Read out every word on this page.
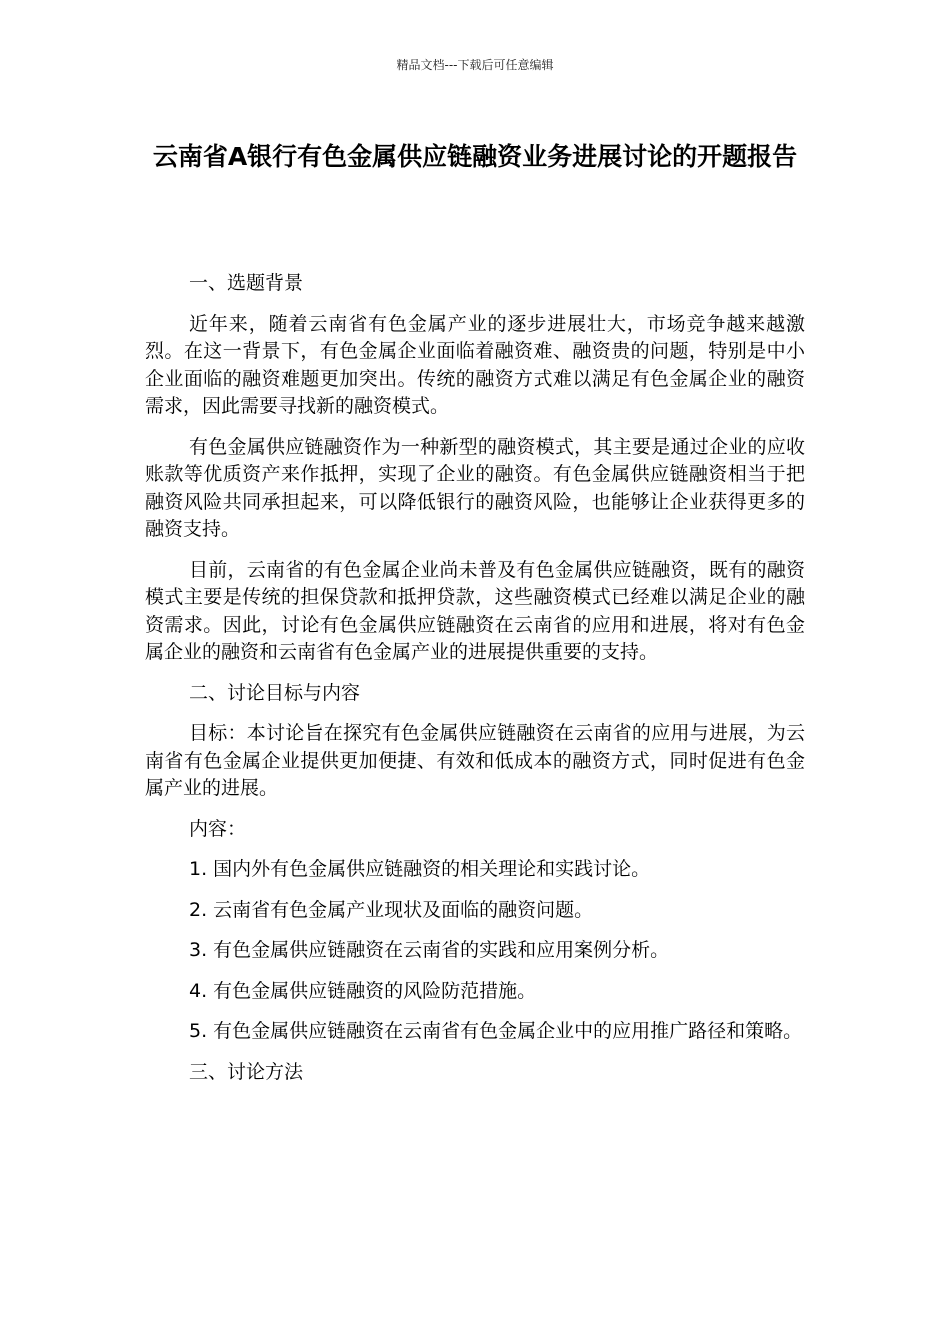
精品文档---下载后可任意编辑
云南省A银行有色金属供应链融资业务进展讨论的开题报告

一、选题背景

近年来，随着云南省有色金属产业的逐步进展壮大，市场竞争越来越激烈。在这一背景下，有色金属企业面临着融资难、融资贵的问题，特别是中小企业面临的融资难题更加突出。传统的融资方式难以满足有色金属企业的融资需求，因此需要寻找新的融资模式。

有色金属供应链融资作为一种新型的融资模式，其主要是通过企业的应收账款等优质资产来作抵押，实现了企业的融资。有色金属供应链融资相当于把融资风险共同承担起来，可以降低银行的融资风险，也能够让企业获得更多的融资支持。

目前，云南省的有色金属企业尚未普及有色金属供应链融资，既有的融资模式主要是传统的担保贷款和抵押贷款，这些融资模式已经难以满足企业的融资需求。因此，讨论有色金属供应链融资在云南省的应用和进展，将对有色金属企业的融资和云南省有色金属产业的进展提供重要的支持。

二、讨论目标与内容

目标：本讨论旨在探究有色金属供应链融资在云南省的应用与进展，为云南省有色金属企业提供更加便捷、有效和低成本的融资方式，同时促进有色金属产业的进展。

内容：

1. 国内外有色金属供应链融资的相关理论和实践讨论。

2. 云南省有色金属产业现状及面临的融资问题。

3. 有色金属供应链融资在云南省的实践和应用案例分析。

4. 有色金属供应链融资的风险防范措施。

5. 有色金属供应链融资在云南省有色金属企业中的应用推广路径和策略。

三、讨论方法
